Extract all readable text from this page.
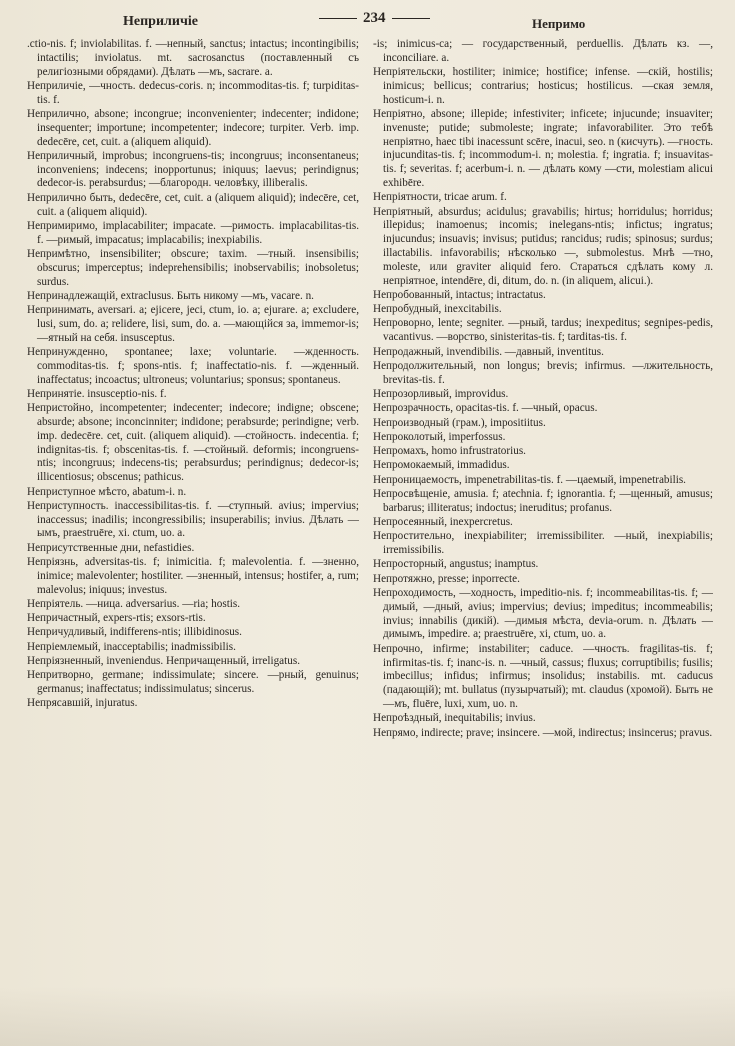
Неприличіе	234	Непримо
.ctio-nis. f; inviolabilitas. f. —непный, sanctus; intactus; incontingibilis; intactilis; inviolatus. mt. sacrosanctus (поставленный съ религіозными обрядами). Дѣлать —мъ, sacrare. a.
Неприличіе, —чность. dedecus-coris. n; incommoditas-tis. f; turpiditas-tis. f.
Неприлично, absone; incongrue; inconvenienter; indecenter; indidone; insequenter; importune; incompetenter; indecore; turpiter. Verb. imp. dedecēre, cet, cuit. a (aliquem aliquid).
Неприличный, improbus; incongruens-tis; incongruus; inconsentaneus; inconveniens; indecens; inopportunus; iniquus; laevus; perindignus; dedecor-is. perabsurdus; —благородн. человѣку, illiberalis.
Неприлично быть, dedecēre, cet, cuit. a (aliquem aliquid); indecēre, cet, cuit. a (aliquem aliquid).
Непримиримо, implacabiliter; impacate. —римость. implacabilitas-tis. f. —римый, impacatus; implacabilis; inexpiabilis.
Непримѣтно, insensibiliter; obscure; taxim. —тный. insensibilis; obscurus; imperceptus; indeprehensibilis; inobservabilis; inobsoletus; surdus.
Непринадлежащій, extraclusus. Быть никому —мъ, vacare. n.
Непринимать, aversari. a; ejicere, jeci, ctum, io. a; ejurare. a; excludere, lusi, sum, do. a; relidere, lisi, sum, do. a. —мающійся за, immemor-is; —ятный на себя. insusceptus.
Непринужденно, spontanee; laxe; voluntarie. —жденность. commoditas-tis. f; spons-ntis. f; inaffectatio-nis. f. —жденный. inaffectatus; incoactus; ultroneus; voluntarius; sponsus; spontaneus.
Непринятіе. insusceptio-nis. f.
Непристойно, incompetenter; indecenter; indecore; indigne; obscene; absurde; absone; inconcinniter; indidone; perabsurde; perindigne; verb. imp. dedecēre. cet, cuit. (aliquem aliquid). —стойность. indecentia. f; indignitas-tis. f; obscenitas-tis. f. —стойный. deformis; incongruens-ntis; incongruus; indecens-tis; perabsurdus; perindignus; dedecor-is; illicentiosus; obscenus; pathicus.
Неприступное мѣсто, abatum-i. n.
Неприступность. inaccessibilitas-tis. f. —ступный. avius; impervius; inaccessus; inadilis; incongressibilis; insuperabilis; invius. Дѣлать —ымъ, praestruēre, xi. ctum, uo. a.
Неприсутственные дни, nefastidies.
Непріязнь, adversitas-tis. f; inimicitia. f; malevolentia. f. —зненно, inimice; malevolenter; hostiliter. —зненный, intensus; hostifer, a, rum; malevolus; iniquus; investus.
Непріятель. —ница. adversarius. —ria; hostis.
Непричастный, expers-rtis; exsors-rtis.
Непричудливый, indifferens-ntis; illibidinosus.
Непріемлемый, inacceptabilis; inadmissibilis.
Непріязненный, inveniendus. Непричащенный, irreligatus.
Непритворно, germane; indissimulate; sincere. —рный, genuinus; germanus; inaffectatus; indissimulatus; sincerus.
Непрясавшій, injuratus.
-is; inimicus-ca; — государственный, perduellis. Дѣлать кз. —, inconciliare. a.
Непріятельски, hostiliter; inimice; hostifice; infense. —скій, hostilis; inimicus; bellicus; contrarius; hosticus; hostilicus. —ская земля, hosticum-i. n.
Непріятно, absone; illepide; infestiviter; inficete; injucunde; insuaviter; invenuste; putide; submoleste; ingrate; infavorabiliter. Это тебѣ непріятно, haec tibi inacessunt scēre, inacui, seo. n (кисчуть). —гность. injucunditas-tis. f; incommodum-i. n; molestia. f; ingratia. f; insuavitas-tis. f; severitas. f; acerbum-i. n. — дѣлать кому —сти, molestiam alicui exhibēre.
Непріятности, tricae arum. f.
Непріятный, absurdus; acidulus; gravabilis; hirtus; horridulus; horridus; illepidus; inamoenus; incomis; inelegans-ntis; infictus; ingratus; injucundus; insuavis; invisus; putidus; rancidus; rudis; spinosus; surdus; illactabilis. infavorabilis; нѣсколько —, submolestus. Мнѣ —тно, moleste, или graviter aliquid fero. Стараться сдѣлать кому л. непріятное, intendēre, di, ditum, do. n. (in aliquem, alicui.).
Непробованный, intactus; intractatus.
Непробудный, inexcitabilis.
Непроворно, lente; segniter. —рный, tardus; inexpeditus; segnipes-pedis, vacantivus. —ворство, sinisteritas-tis. f; tarditas-tis. f.
Непродажный, invendibilis. —давный, inventitus.
Непродолжительный, non longus; brevis; infirmus. —лжительность, brevitas-tis. f.
Непрозорливый, improvidus.
Непрозрачность, opacitas-tis. f. —чный, opacus.
Непроизводный (грам.), impositiitus.
Непроколотый, imperfossus.
Непромахъ, homo infrustratorius.
Непромокаемый, immadidus.
Непроницаемость, impenetrabilitas-tis. f. —цаемый, impenetrabilis.
Непросвѣщеніе, amusia. f; atechnia. f; ignorantia. f; —щенный, amusus; barbarus; illiteratus; indoctus; ineruditus; profanus.
Непросеянный, inexpercretus.
Непростительно, inexpiabiliter; irremissibiliter. —ный, inexpiabilis; irremissibilis.
Непросторный, angustus; inamptus.
Непротяжно, presse; inporrecte.
Непроходимость, —ходность, impeditio-nis. f; incommeabilitas-tis. f; —димый, —дный, avius; impervius; devius; impeditus; incommeabilis; invius; innabilis (дикій). —димыя мѣста, devia-orum. n. Дѣлать —димымъ, impedire. a; praestruēre, xi, ctum, uo. a.
Непрочно, infirme; instabiliter; caduce. —чность. fragilitas-tis. f; infirmitas-tis. f; inanc-is. n. —чный, cassus; fluxus; corruptibilis; fusilis; imbecillus; infidus; infirmus; insolidus; instabilis. mt. caducus (падающій); mt. bullatus (пузырчатый); mt. claudus (хромой). Быть не —мъ, fluēre, luxi, xum, uo. n.
Непроѣздный, inequitabilis; invius.
Непрямо, indirecte; prave; insincere. —мой, indirectus; insincerus; pravus.
